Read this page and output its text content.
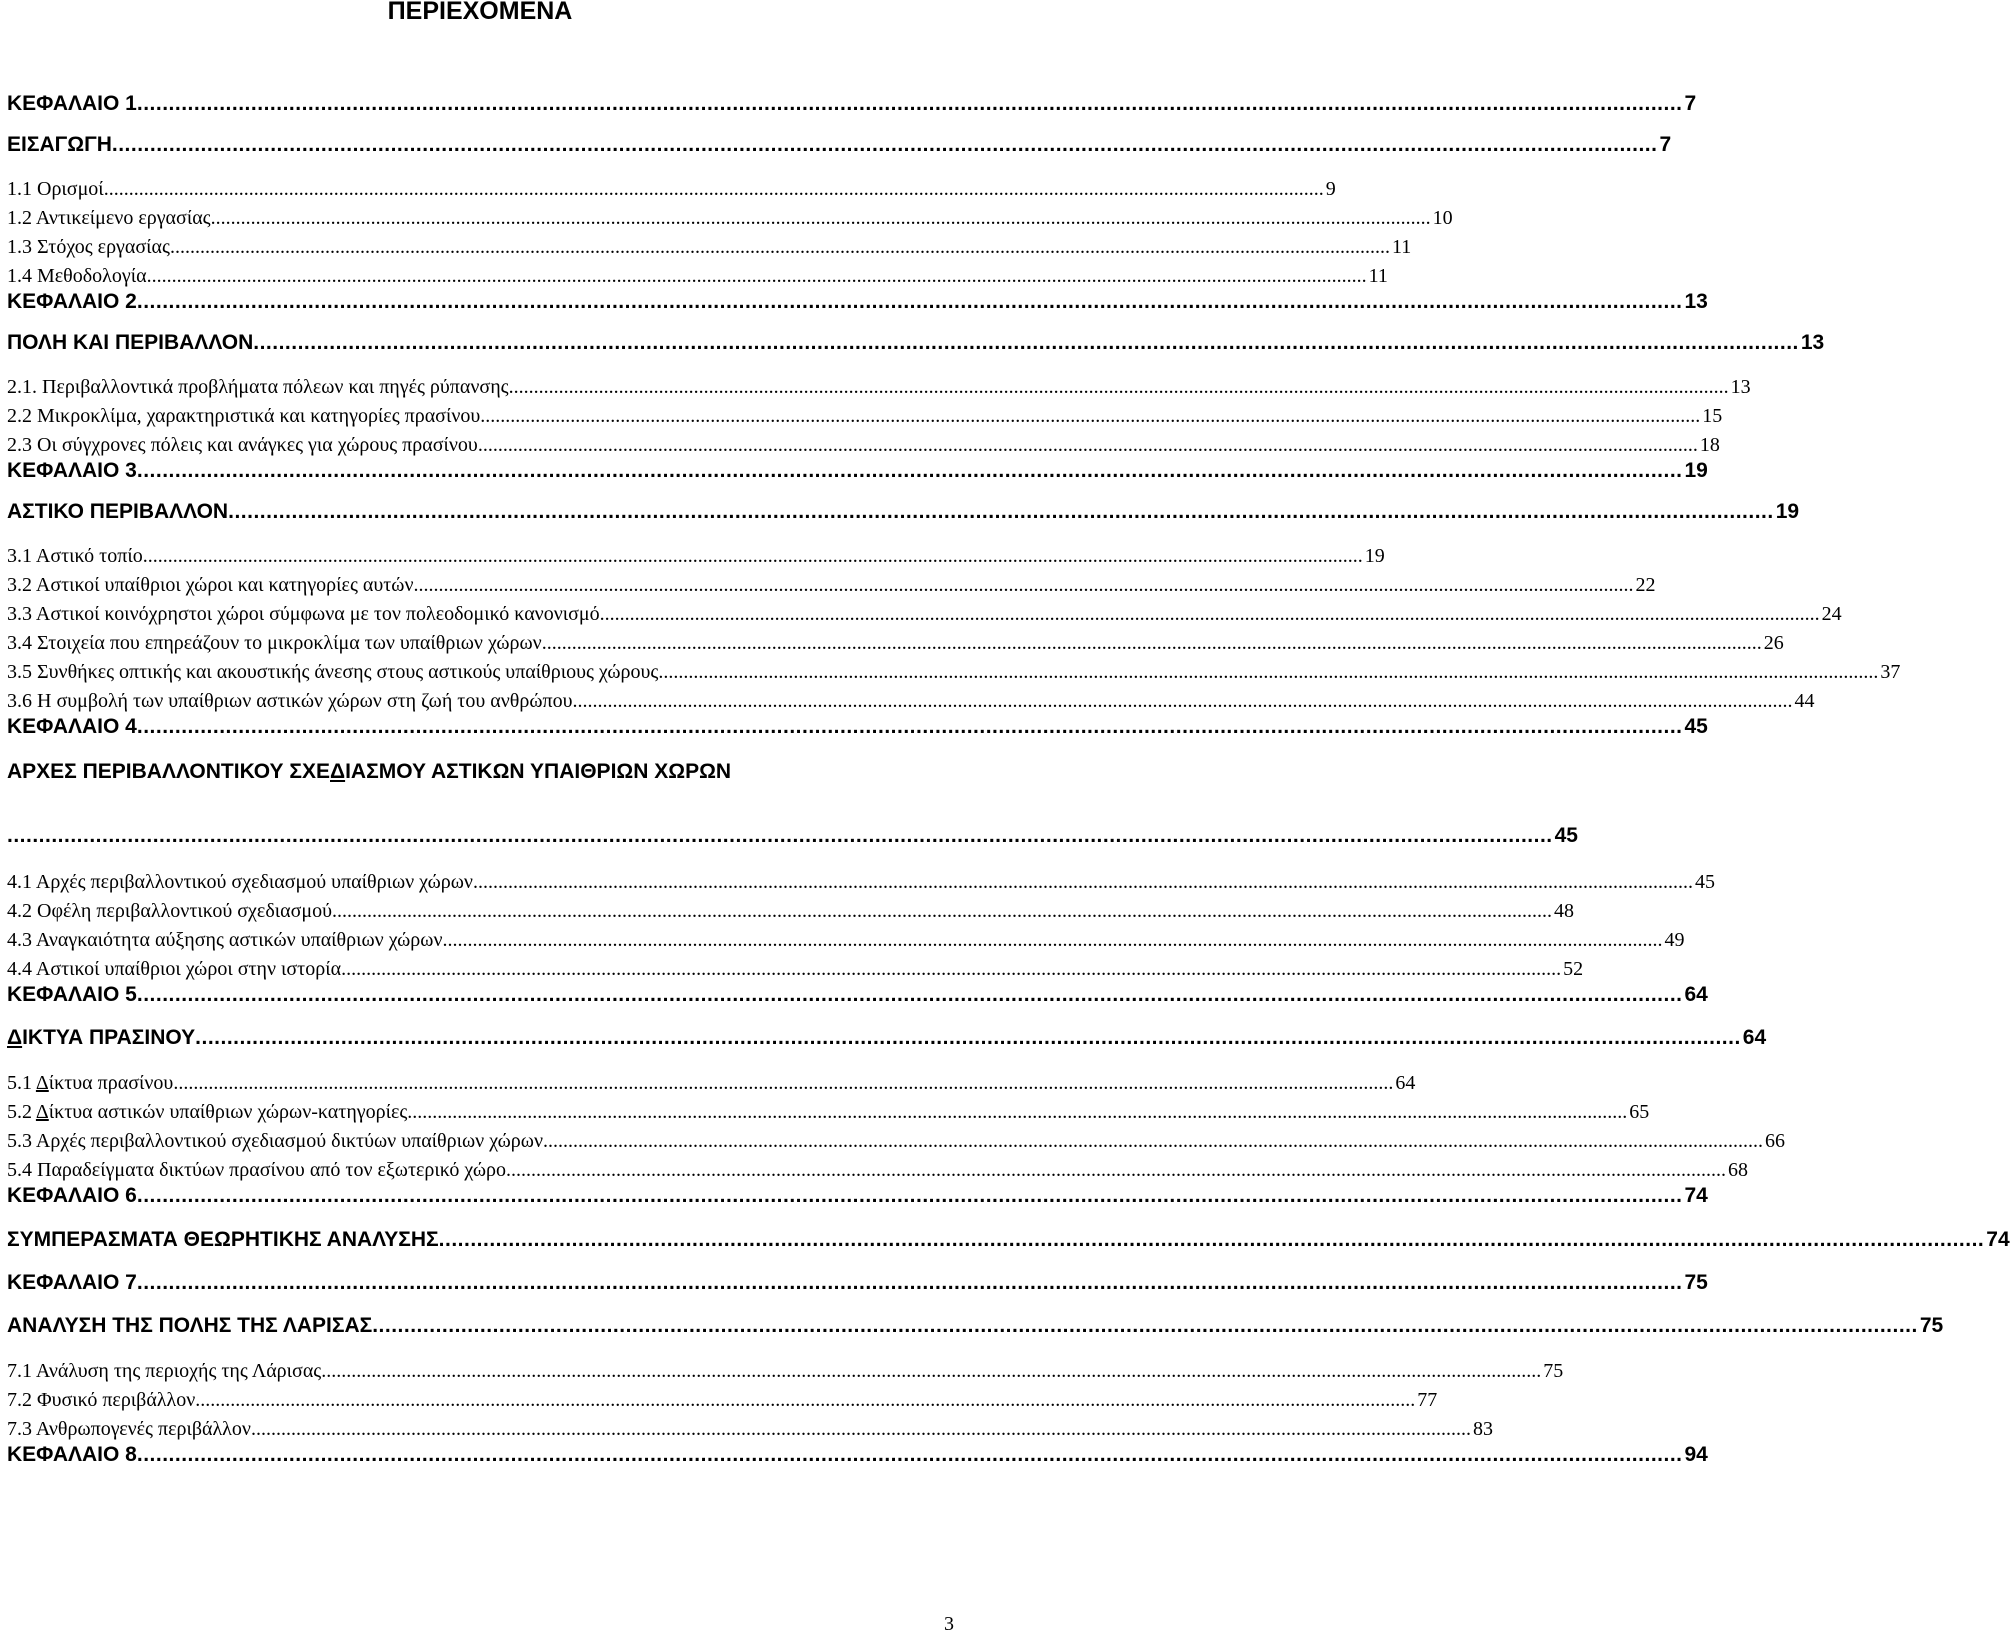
ΠΕΡΙΕΧΟΜΕΝΑ
ΚΕΦΑΛΑΙΟ 1 .................................................................................................................................................................................................................................................... 7
ΕΙΣΑΓΩΓΗ .................................................................................................................................................................................................................................................... 7
1.1 Ορισμοί .................................................................................................................................................................................................................................................... 9
1.2 Αντικείμενο εργασίας .................................................................................................................................................................................................................................................... 10
1.3 Στόχος εργασίας .................................................................................................................................................................................................................................................... 11
1.4 Μεθοδολογία .................................................................................................................................................................................................................................................... 11
ΚΕΦΑΛΑΙΟ 2 .................................................................................................................................................................................................................................................... 13
ΠΟΛΗ ΚΑΙ ΠΕΡΙΒΑΛΛΟΝ .................................................................................................................................................................................................................................................... 13
2.1. Περιβαλλοντικά προβλήματα πόλεων και πηγές ρύπανσης .................................................................................................................................................................................................................................................... 13
2.2 Μικροκλίμα, χαρακτηριστικά και κατηγορίες πρασίνου .................................................................................................................................................................................................................................................... 15
2.3 Οι σύγχρονες πόλεις και ανάγκες για χώρους πρασίνου .................................................................................................................................................................................................................................................... 18
ΚΕΦΑΛΑΙΟ 3 .................................................................................................................................................................................................................................................... 19
ΑΣΤΙΚΟ ΠΕΡΙΒΑΛΛΟΝ .................................................................................................................................................................................................................................................... 19
3.1 Αστικό τοπίο .................................................................................................................................................................................................................................................... 19
3.2 Αστικοί υπαίθριοι χώροι και κατηγορίες αυτών .................................................................................................................................................................................................................................................... 22
3.3 Αστικοί κοινόχρηστοι χώροι σύμφωνα με τον πολεοδομικό κανονισμό .................................................................................................................................................................................................................................................... 24
3.4 Στοιχεία που επηρεάζουν το μικροκλίμα των υπαίθριων χώρων .................................................................................................................................................................................................................................................... 26
3.5 Συνθήκες οπτικής και ακουστικής άνεσης στους αστικούς υπαίθριους χώρους .................................................................................................................................................................................................................................................... 37
3.6 Η συμβολή των υπαίθριων αστικών χώρων στη ζωή του ανθρώπου .................................................................................................................................................................................................................................................... 44
ΚΕΦΑΛΑΙΟ 4 .................................................................................................................................................................................................................................................... 45
ΑΡΧΕΣ ΠΕΡΙΒΑΛΛΟΝΤΙΚΟΥ ΣΧΕΔΙΑΣΜΟΥ ΑΣΤΙΚΩΝ ΥΠΑΙΘΡΙΩΝ ΧΩΡΩΝ
.................................................................................................................................................................................................................................................... 45
4.1 Αρχές περιβαλλοντικού σχεδιασμού υπαίθριων χώρων .................................................................................................................................................................................................................................................... 45
4.2 Οφέλη περιβαλλοντικού σχεδιασμού .................................................................................................................................................................................................................................................... 48
4.3 Αναγκαιότητα αύξησης αστικών υπαίθριων χώρων .................................................................................................................................................................................................................................................... 49
4.4 Αστικοί υπαίθριοι χώροι στην ιστορία .................................................................................................................................................................................................................................................... 52
ΚΕΦΑΛΑΙΟ 5 .................................................................................................................................................................................................................................................... 64
ΔΙΚΤΥΑ ΠΡΑΣΙΝΟΥ .................................................................................................................................................................................................................................................... 64
5.1 Δίκτυα πρασίνου .................................................................................................................................................................................................................................................... 64
5.2 Δίκτυα αστικών υπαίθριων χώρων-κατηγορίες .................................................................................................................................................................................................................................................... 65
5.3 Αρχές περιβαλλοντικού σχεδιασμού δικτύων υπαίθριων χώρων .................................................................................................................................................................................................................................................... 66
5.4 Παραδείγματα δικτύων πρασίνου από τον εξωτερικό χώρο .................................................................................................................................................................................................................................................... 68
ΚΕΦΑΛΑΙΟ 6 .................................................................................................................................................................................................................................................... 74
ΣΥΜΠΕΡΑΣΜΑΤΑ ΘΕΩΡΗΤΙΚΗΣ ΑΝΑΛΥΣΗΣ .................................................................................................................................................................................................................................................... 74
ΚΕΦΑΛΑΙΟ 7 .................................................................................................................................................................................................................................................... 75
ΑΝΑΛΥΣΗ ΤΗΣ ΠΟΛΗΣ ΤΗΣ ΛΑΡΙΣΑΣ .................................................................................................................................................................................................................................................... 75
7.1 Ανάλυση της περιοχής της Λάρισας .................................................................................................................................................................................................................................................... 75
7.2 Φυσικό περιβάλλον .................................................................................................................................................................................................................................................... 77
7.3 Ανθρωπογενές περιβάλλον .................................................................................................................................................................................................................................................... 83
ΚΕΦΑΛΑΙΟ 8 .................................................................................................................................................................................................................................................... 94
3
